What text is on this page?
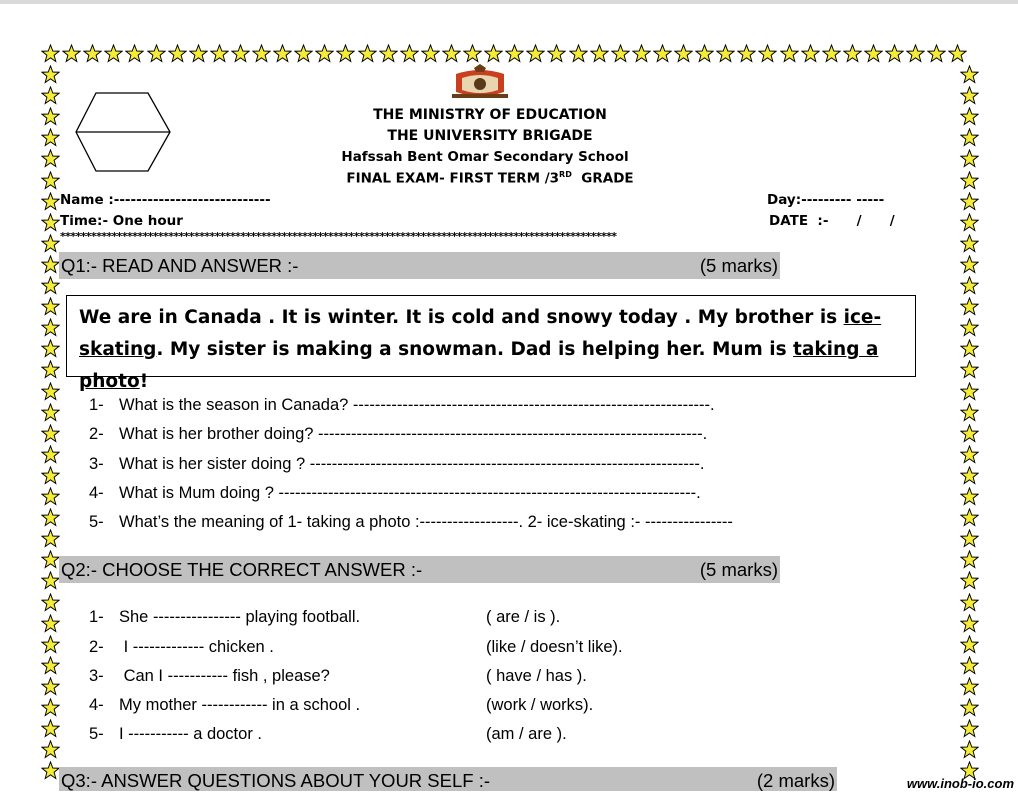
THE MINISTRY OF EDUCATION
THE UNIVERSITY BRIGADE
Hafssah Bent Omar Secondary School
FINAL EXAM- FIRST TERM /3RD GRADE
Name :----------------------------
Time:- One hour
Day:--------- -----
DATE  :-      /      /
************************************************************************************************************
Q1:- READ AND ANSWER :-	(5 marks)
We are in Canada . It is winter. It is cold and snowy today . My brother is ice-skating. My sister is making a snowman. Dad is helping her. Mum is taking a photo!
1- What is the season in Canada? -----------------------------------------------------------------.
2- What is her brother doing? ----------------------------------------------------------------------.
3- What is her sister doing ? -----------------------------------------------------------------------.
4- What is Mum doing ? ----------------------------------------------------------------------------.
5- What’s the meaning of 1- taking a photo :------------------. 2- ice-skating :- ----------------
Q2:- CHOOSE THE CORRECT ANSWER :-	(5 marks)
1- She ---------------- playing football.	( are / is ).
2- I ------------- chicken .	(like / doesn’t like).
3- Can I ----------- fish , please?	( have / has ).
4- My mother ------------ in a school .	(work / works).
5- I ----------- a doctor .	(am / are ).
Q3:- ANSWER QUESTIONS ABOUT YOUR SELF :-	(2 marks)	www.inob-io.com
